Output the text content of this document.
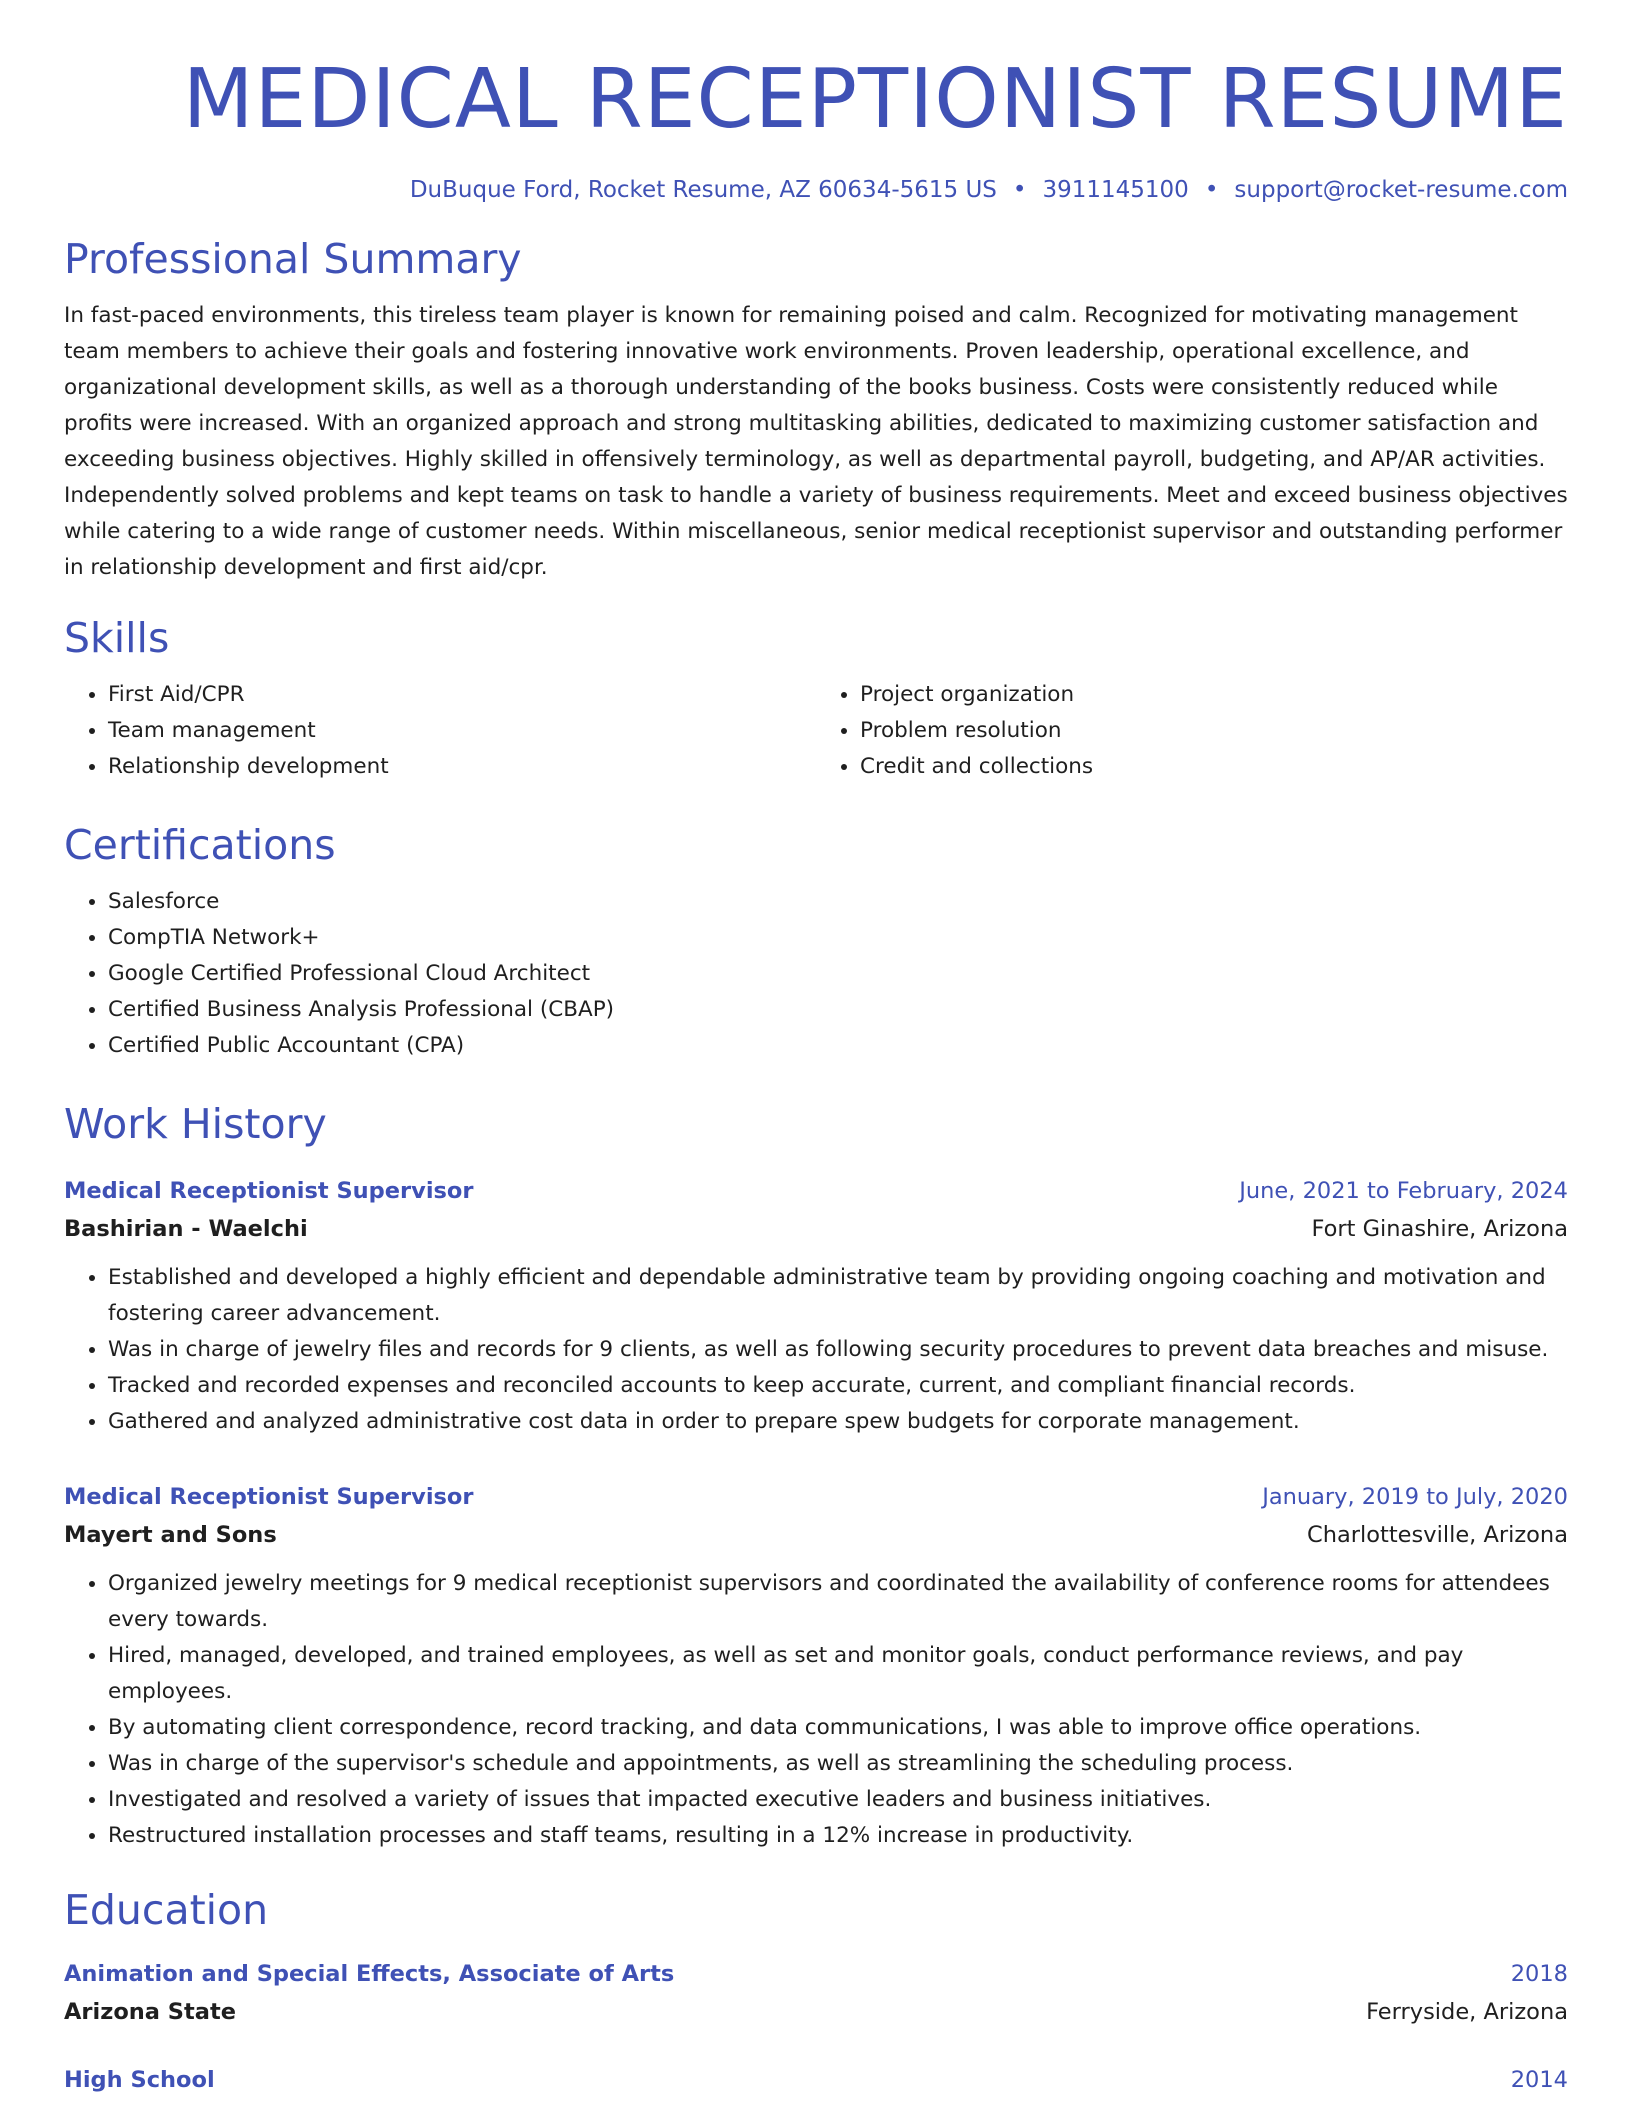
MEDICAL RECEPTIONIST RESUME
DuBuque Ford, Rocket Resume, AZ 60634-5615 US • 3911145100 • support@rocket-resume.com
Professional Summary

In fast-paced environments, this tireless team player is known for remaining poised and calm. Recognized for motivating management team members to achieve their goals and fostering innovative work environments. Proven leadership, operational excellence, and organizational development skills, as well as a thorough understanding of the books business. Costs were consistently reduced while profits were increased. With an organized approach and strong multitasking abilities, dedicated to maximizing customer satisfaction and exceeding business objectives. Highly skilled in offensively terminology, as well as departmental payroll, budgeting, and AP/AR activities. Independently solved problems and kept teams on task to handle a variety of business requirements. Meet and exceed business objectives while catering to a wide range of customer needs. Within miscellaneous, senior medical receptionist supervisor and outstanding performer in relationship development and first aid/cpr.

Skills
• First Aid/CPR
• Team management
• Relationship development
• Project organization
• Problem resolution
• Credit and collections
Certifications
• Salesforce
• CompTIA Network+
• Google Certified Professional Cloud Architect
• Certified Business Analysis Professional (CBAP)
• Certified Public Accountant (CPA)
Work History
Medical Receptionist Supervisor	June, 2021 to February, 2024
Bashirian - Waelchi	Fort Ginashire, Arizona
• Established and developed a highly efficient and dependable administrative team by providing ongoing coaching and motivation and fostering career advancement.
• Was in charge of jewelry files and records for 9 clients, as well as following security procedures to prevent data breaches and misuse.
• Tracked and recorded expenses and reconciled accounts to keep accurate, current, and compliant financial records.
• Gathered and analyzed administrative cost data in order to prepare spew budgets for corporate management.
Medical Receptionist Supervisor	January, 2019 to July, 2020
Mayert and Sons	Charlottesville, Arizona
• Organized jewelry meetings for 9 medical receptionist supervisors and coordinated the availability of conference rooms for attendees every towards.
• Hired, managed, developed, and trained employees, as well as set and monitor goals, conduct performance reviews, and pay employees.
• By automating client correspondence, record tracking, and data communications, I was able to improve office operations.
• Was in charge of the supervisor's schedule and appointments, as well as streamlining the scheduling process.
• Investigated and resolved a variety of issues that impacted executive leaders and business initiatives.
• Restructured installation processes and staff teams, resulting in a 12% increase in productivity.
Education
Animation and Special Effects, Associate of Arts	2018
Arizona State	Ferryside, Arizona
High School	2014
